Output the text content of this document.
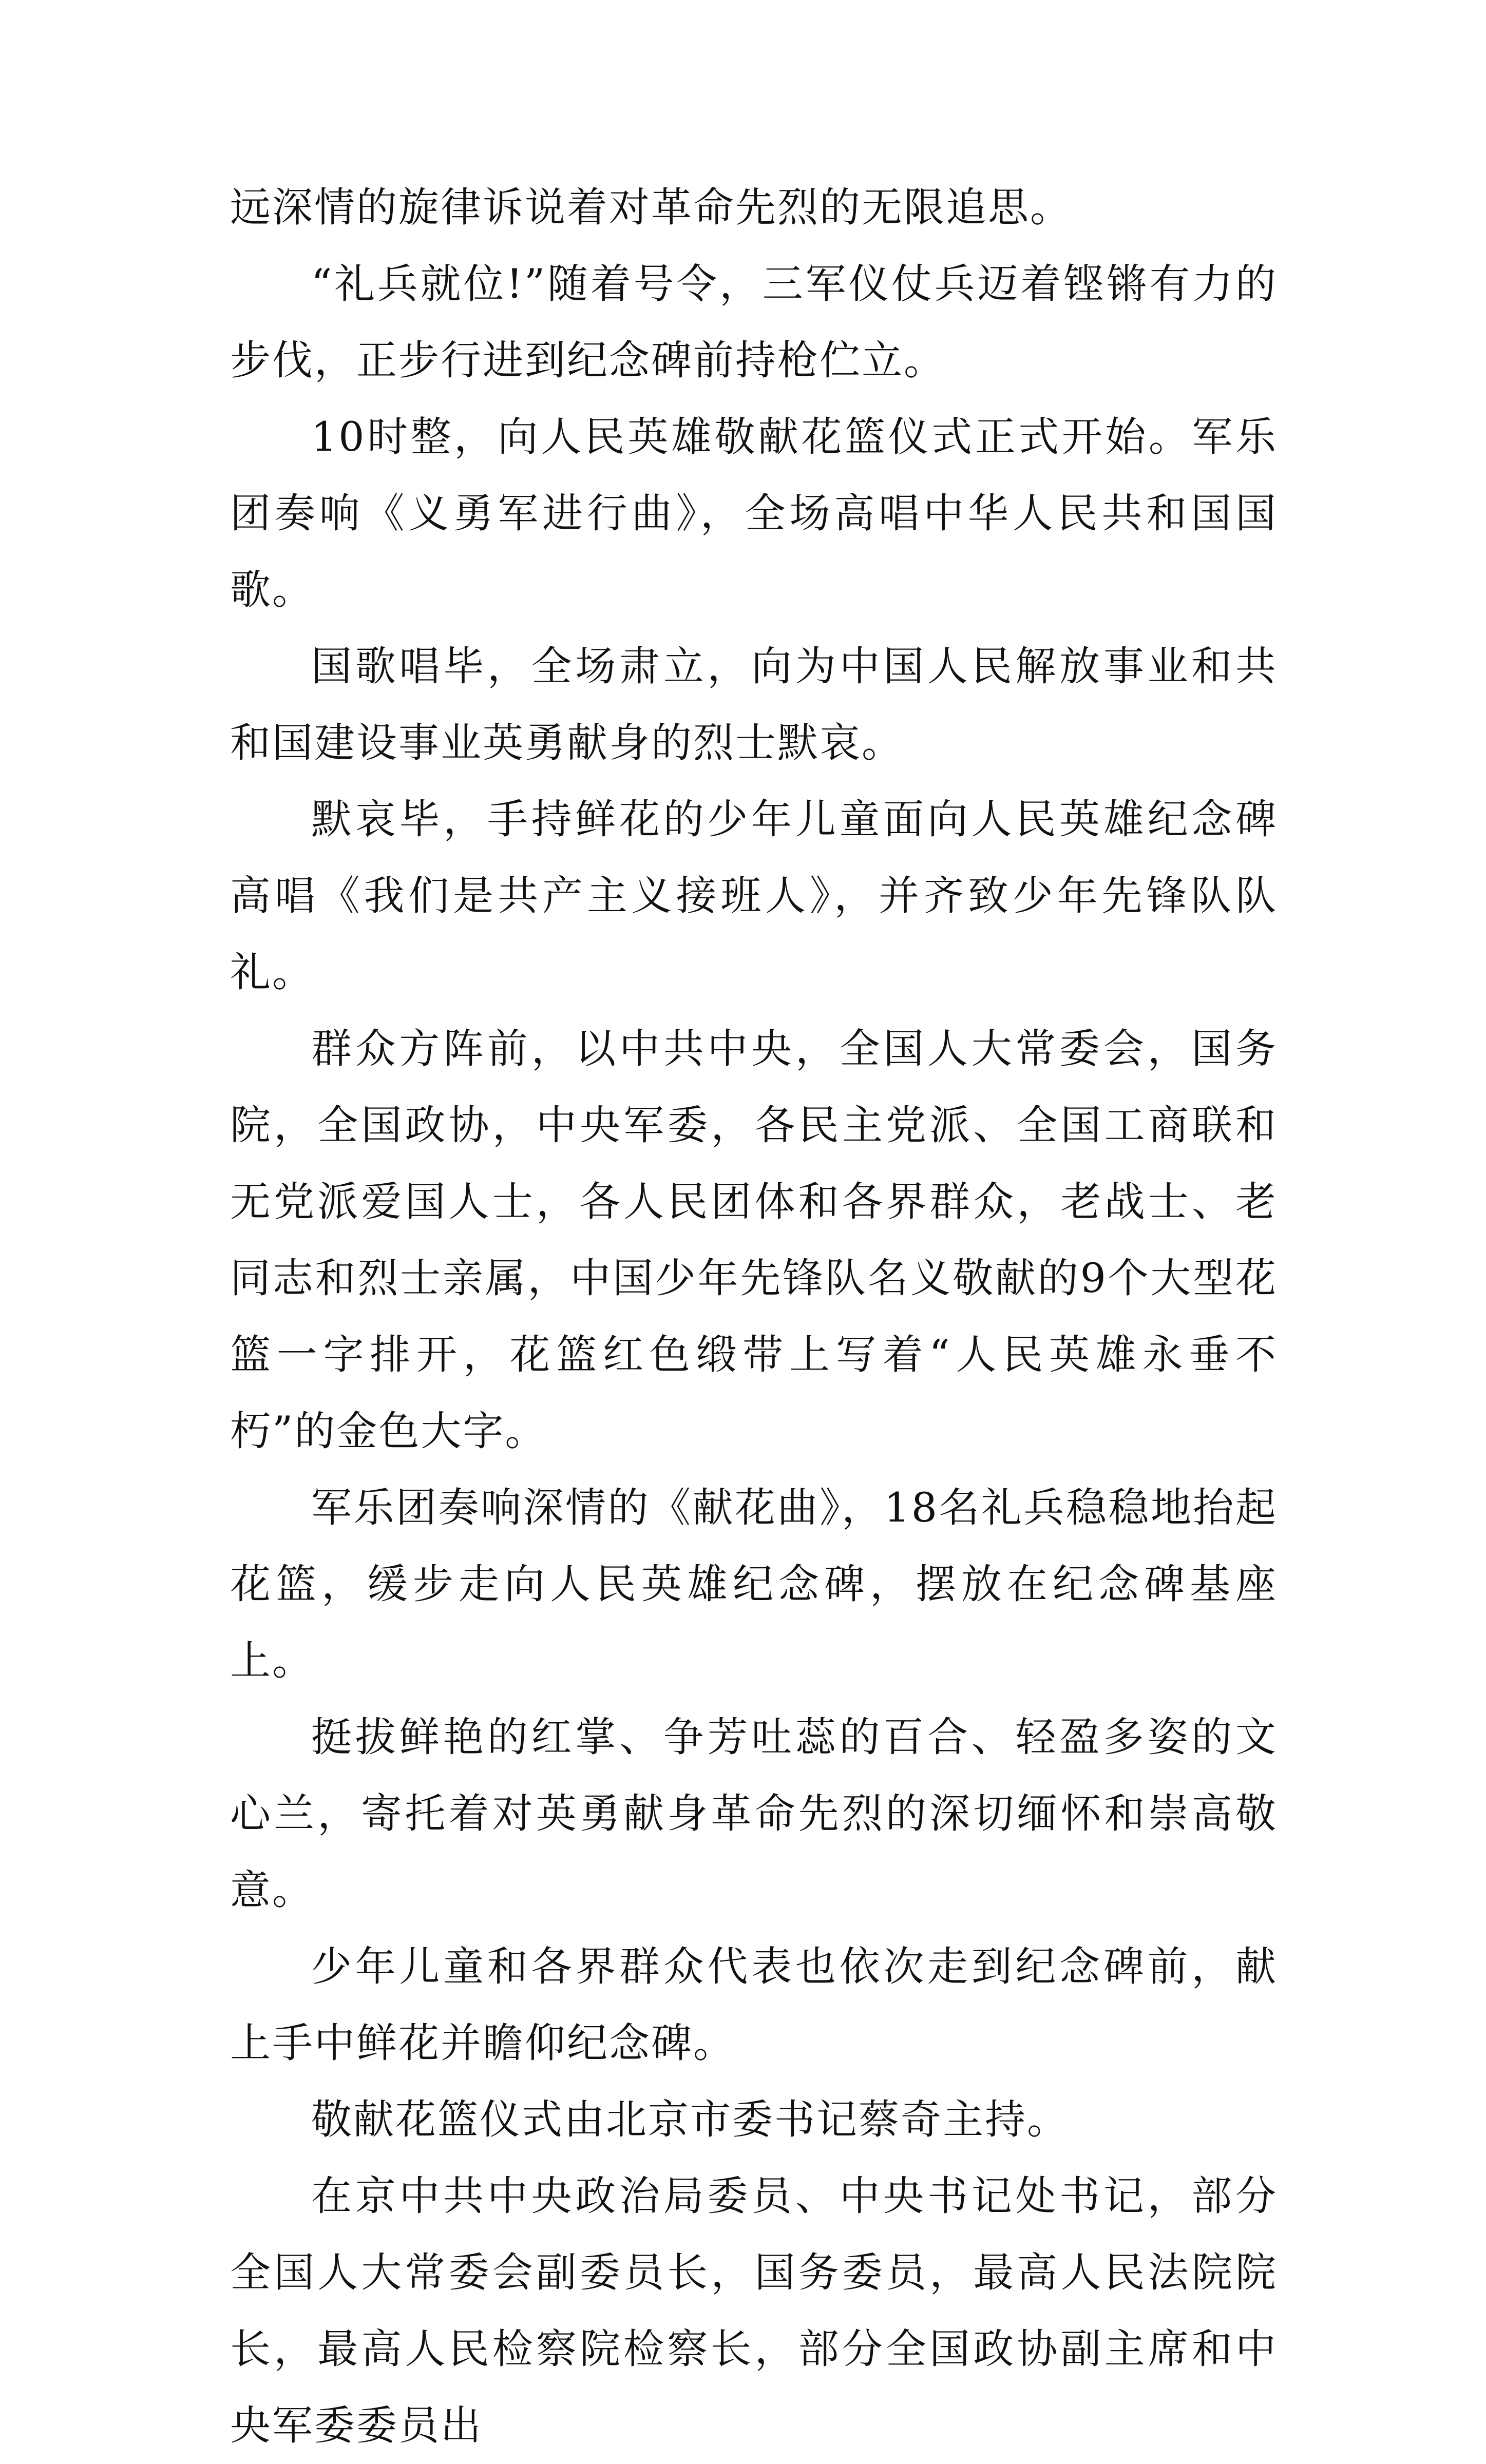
远深情的旋律诉说着对革命先烈的无限追思。

“礼兵就位!”随着号令，三军仪仗兵迈着铿锵有力的步伐，正步行进到纪念碑前持枪伫立。

10时整，向人民英雄敬献花篮仪式正式开始。军乐团奏响《义勇军进行曲》，全场高唱中华人民共和国国歌。

国歌唱毕，全场肃立，向为中国人民解放事业和共和国建设事业英勇献身的烈士默哀。

默哀毕，手持鲜花的少年儿童面向人民英雄纪念碑高唱《我们是共产主义接班人》，并齐致少年先锋队队礼。

群众方阵前，以中共中央，全国人大常委会，国务院，全国政协，中央军委，各民主党派、全国工商联和无党派爱国人士，各人民团体和各界群众，老战士、老同志和烈士亲属，中国少年先锋队名义敬献的9个大型花篮一字排开，花篮红色缎带上写着“人民英雄永垂不朽”的金色大字。

军乐团奏响深情的《献花曲》，18名礼兵稳稳地抬起花篮，缓步走向人民英雄纪念碑，摆放在纪念碑基座上。

挺拔鲜艳的红掌、争芳吐蕊的百合、轻盈多姿的文心兰，寄托着对英勇献身革命先烈的深切缅怀和崇高敬意。

少年儿童和各界群众代表也依次走到纪念碑前，献上手中鲜花并瞻仰纪念碑。

敬献花篮仪式由北京市委书记蔡奇主持。

在京中共中央政治局委员、中央书记处书记，部分全国人大常委会副委员长，国务委员，最高人民法院院长，最高人民检察院检察长，部分全国政协副主席和中央军委委员出
